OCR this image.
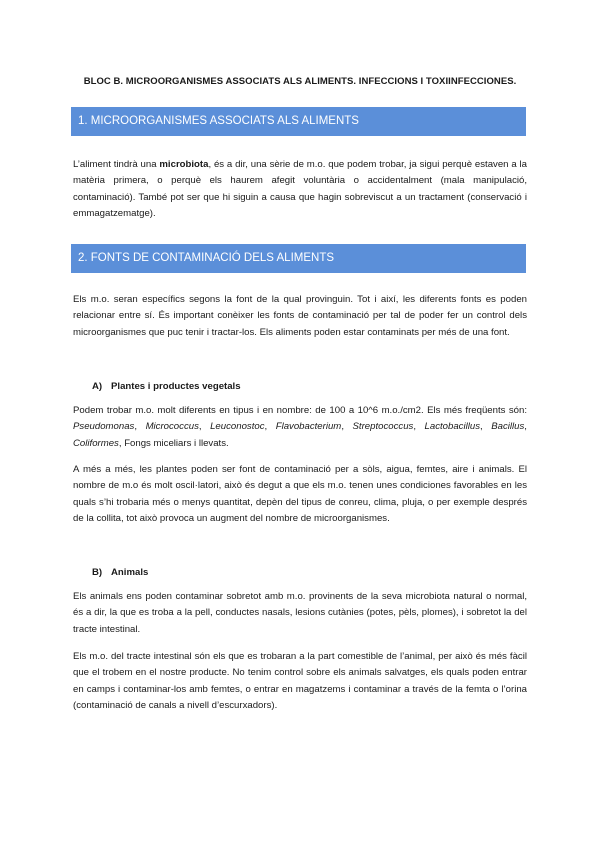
BLOC B. MICROORGANISMES ASSOCIATS ALS ALIMENTS. INFECCIONS I TOXIINFECCIONES.
1. MICROORGANISMES ASSOCIATS ALS ALIMENTS

L’aliment tindrà una microbiota, és a dir, una sèrie de m.o. que podem trobar, ja sigui perquè estaven a la matèria primera, o perquè els haurem afegit voluntària o accidentalment (mala manipulació, contaminació). També pot ser que hi siguin a causa que hagin sobreviscut a un tractament (conservació i emmagatzematge).

2. FONTS DE CONTAMINACIÓ DELS ALIMENTS

Els m.o. seran específics segons la font de la qual provinguin. Tot i així, les diferents fonts es poden relacionar entre sí. És important conèixer les fonts de contaminació per tal de poder fer un control dels microorganismes que puc tenir i tractar-los. Els aliments poden estar contaminats per més de una font.

A) Plantes i productes vegetals

Podem trobar m.o. molt diferents en tipus i en nombre: de 100 a 10^6 m.o./cm2. Els més freqüents són: Pseudomonas, Micrococcus, Leuconostoc, Flavobacterium, Streptococcus, Lactobacillus, Bacillus, Coliformes, Fongs miceliars i llevats.

A més a més, les plantes poden ser font de contaminació per a sòls, aigua, femtes, aire i animals. El nombre de m.o és molt oscil·latori, això és degut a que els m.o. tenen unes condiciones favorables en les quals s’hi trobaria més o menys quantitat, depèn del tipus de conreu, clima, pluja, o per exemple després de la collita, tot això provoca un augment del nombre de microorganismes.

B) Animals

Els animals ens poden contaminar sobretot amb m.o. provinents de la seva microbiota natural o normal, és a dir, la que es troba a la pell, conductes nasals, lesions cutànies (potes, pèls, plomes), i sobretot la del tracte intestinal.

Els m.o. del tracte intestinal són els que es trobaran a la part comestible de l’animal, per això és més fàcil que el trobem en el nostre producte. No tenim control sobre els animals salvatges, els quals poden entrar en camps i contaminar-los amb femtes, o entrar en magatzems i contaminar a través de la femta o l’orina (contaminació de canals a nivell d’escurxadors).
